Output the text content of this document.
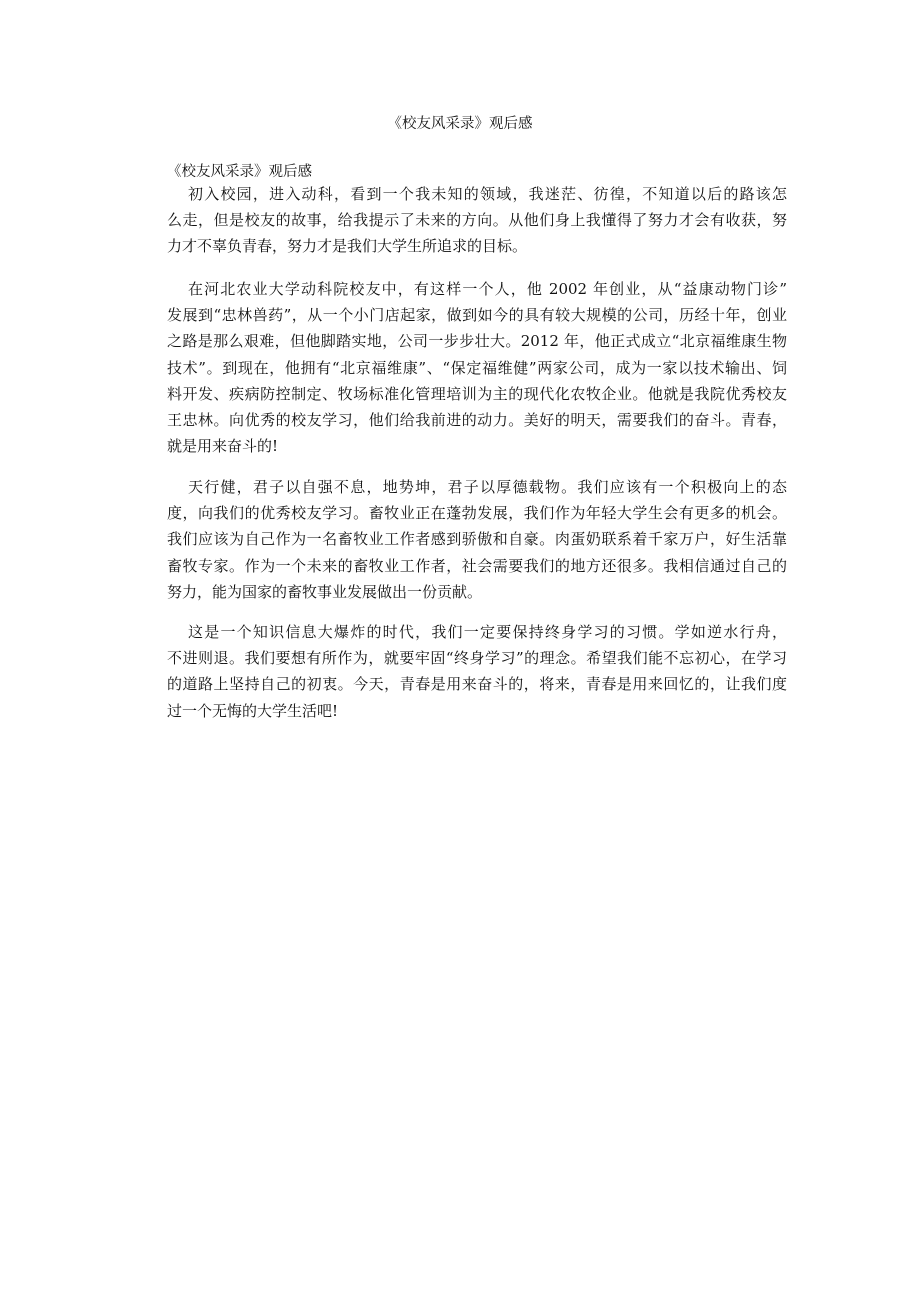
《校友风采录》观后感
《校友风采录》观后感
初入校园，进入动科，看到一个我未知的领域，我迷茫、彷徨，不知道以后的路该怎
么走，但是校友的故事，给我提示了未来的方向。从他们身上我懂得了努力才会有收获，努
力才不辜负青春，努力才是我们大学生所追求的目标。
在河北农业大学动科院校友中，有这样一个人，他 2002 年创业，从“益康动物门诊”
发展到“忠林兽药”，从一个小门店起家，做到如今的具有较大规模的公司，历经十年，创业
之路是那么艰难，但他脚踏实地，公司一步步壮大。2012 年，他正式成立“北京福维康生物
技术”。到现在，他拥有“北京福维康”、“保定福维健”两家公司，成为一家以技术输出、饲
料开发、疾病防控制定、牧场标准化管理培训为主的现代化农牧企业。他就是我院优秀校友
王忠林。向优秀的校友学习，他们给我前进的动力。美好的明天，需要我们的奋斗。青春，
就是用来奋斗的!
天行健，君子以自强不息，地势坤，君子以厚德载物。我们应该有一个积极向上的态
度，向我们的优秀校友学习。畜牧业正在蓬勃发展，我们作为年轻大学生会有更多的机会。
我们应该为自己作为一名畜牧业工作者感到骄傲和自豪。肉蛋奶联系着千家万户，好生活靠
畜牧专家。作为一个未来的畜牧业工作者，社会需要我们的地方还很多。我相信通过自己的
努力，能为国家的畜牧事业发展做出一份贡献。
这是一个知识信息大爆炸的时代，我们一定要保持终身学习的习惯。学如逆水行舟，
不进则退。我们要想有所作为，就要牢固“终身学习”的理念。希望我们能不忘初心，在学习
的道路上坚持自己的初衷。今天，青春是用来奋斗的，将来，青春是用来回忆的，让我们度
过一个无悔的大学生活吧!
